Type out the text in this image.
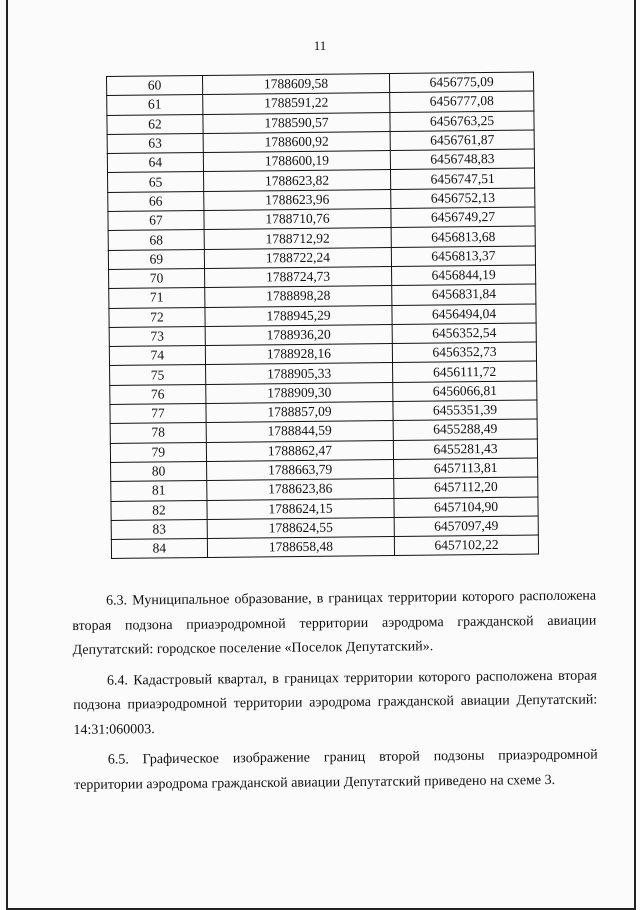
11
60	1788609,58	6456775,09
61	1788591,22	6456777,08
62	1788590,57	6456763,25
63	1788600,92	6456761,87
64	1788600,19	6456748,83
65	1788623,82	6456747,51
66	1788623,96	6456752,13
67	1788710,76	6456749,27
68	1788712,92	6456813,68
69	1788722,24	6456813,37
70	1788724,73	6456844,19
71	1788898,28	6456831,84
72	1788945,29	6456494,04
73	1788936,20	6456352,54
74	1788928,16	6456352,73
75	1788905,33	6456111,72
76	1788909,30	6456066,81
77	1788857,09	6455351,39
78	1788844,59	6455288,49
79	1788862,47	6455281,43
80	1788663,79	6457113,81
81	1788623,86	6457112,20
82	1788624,15	6457104,90
83	1788624,55	6457097,49
84	1788658,48	6457102,22

6.3. Муниципальное образование, в границах территории которого расположена вторая подзона приаэродромной территории аэродрома гражданской авиации Депутатский: городское поселение «Поселок Депутатский».

6.4. Кадастровый квартал, в границах территории которого расположена вторая подзона приаэродромной территории аэродрома гражданской авиации Депутатский: 14:31:060003.

6.5. Графическое изображение границ второй подзоны приаэродромной территории аэродрома гражданской авиации Депутатский приведено на схеме 3.
